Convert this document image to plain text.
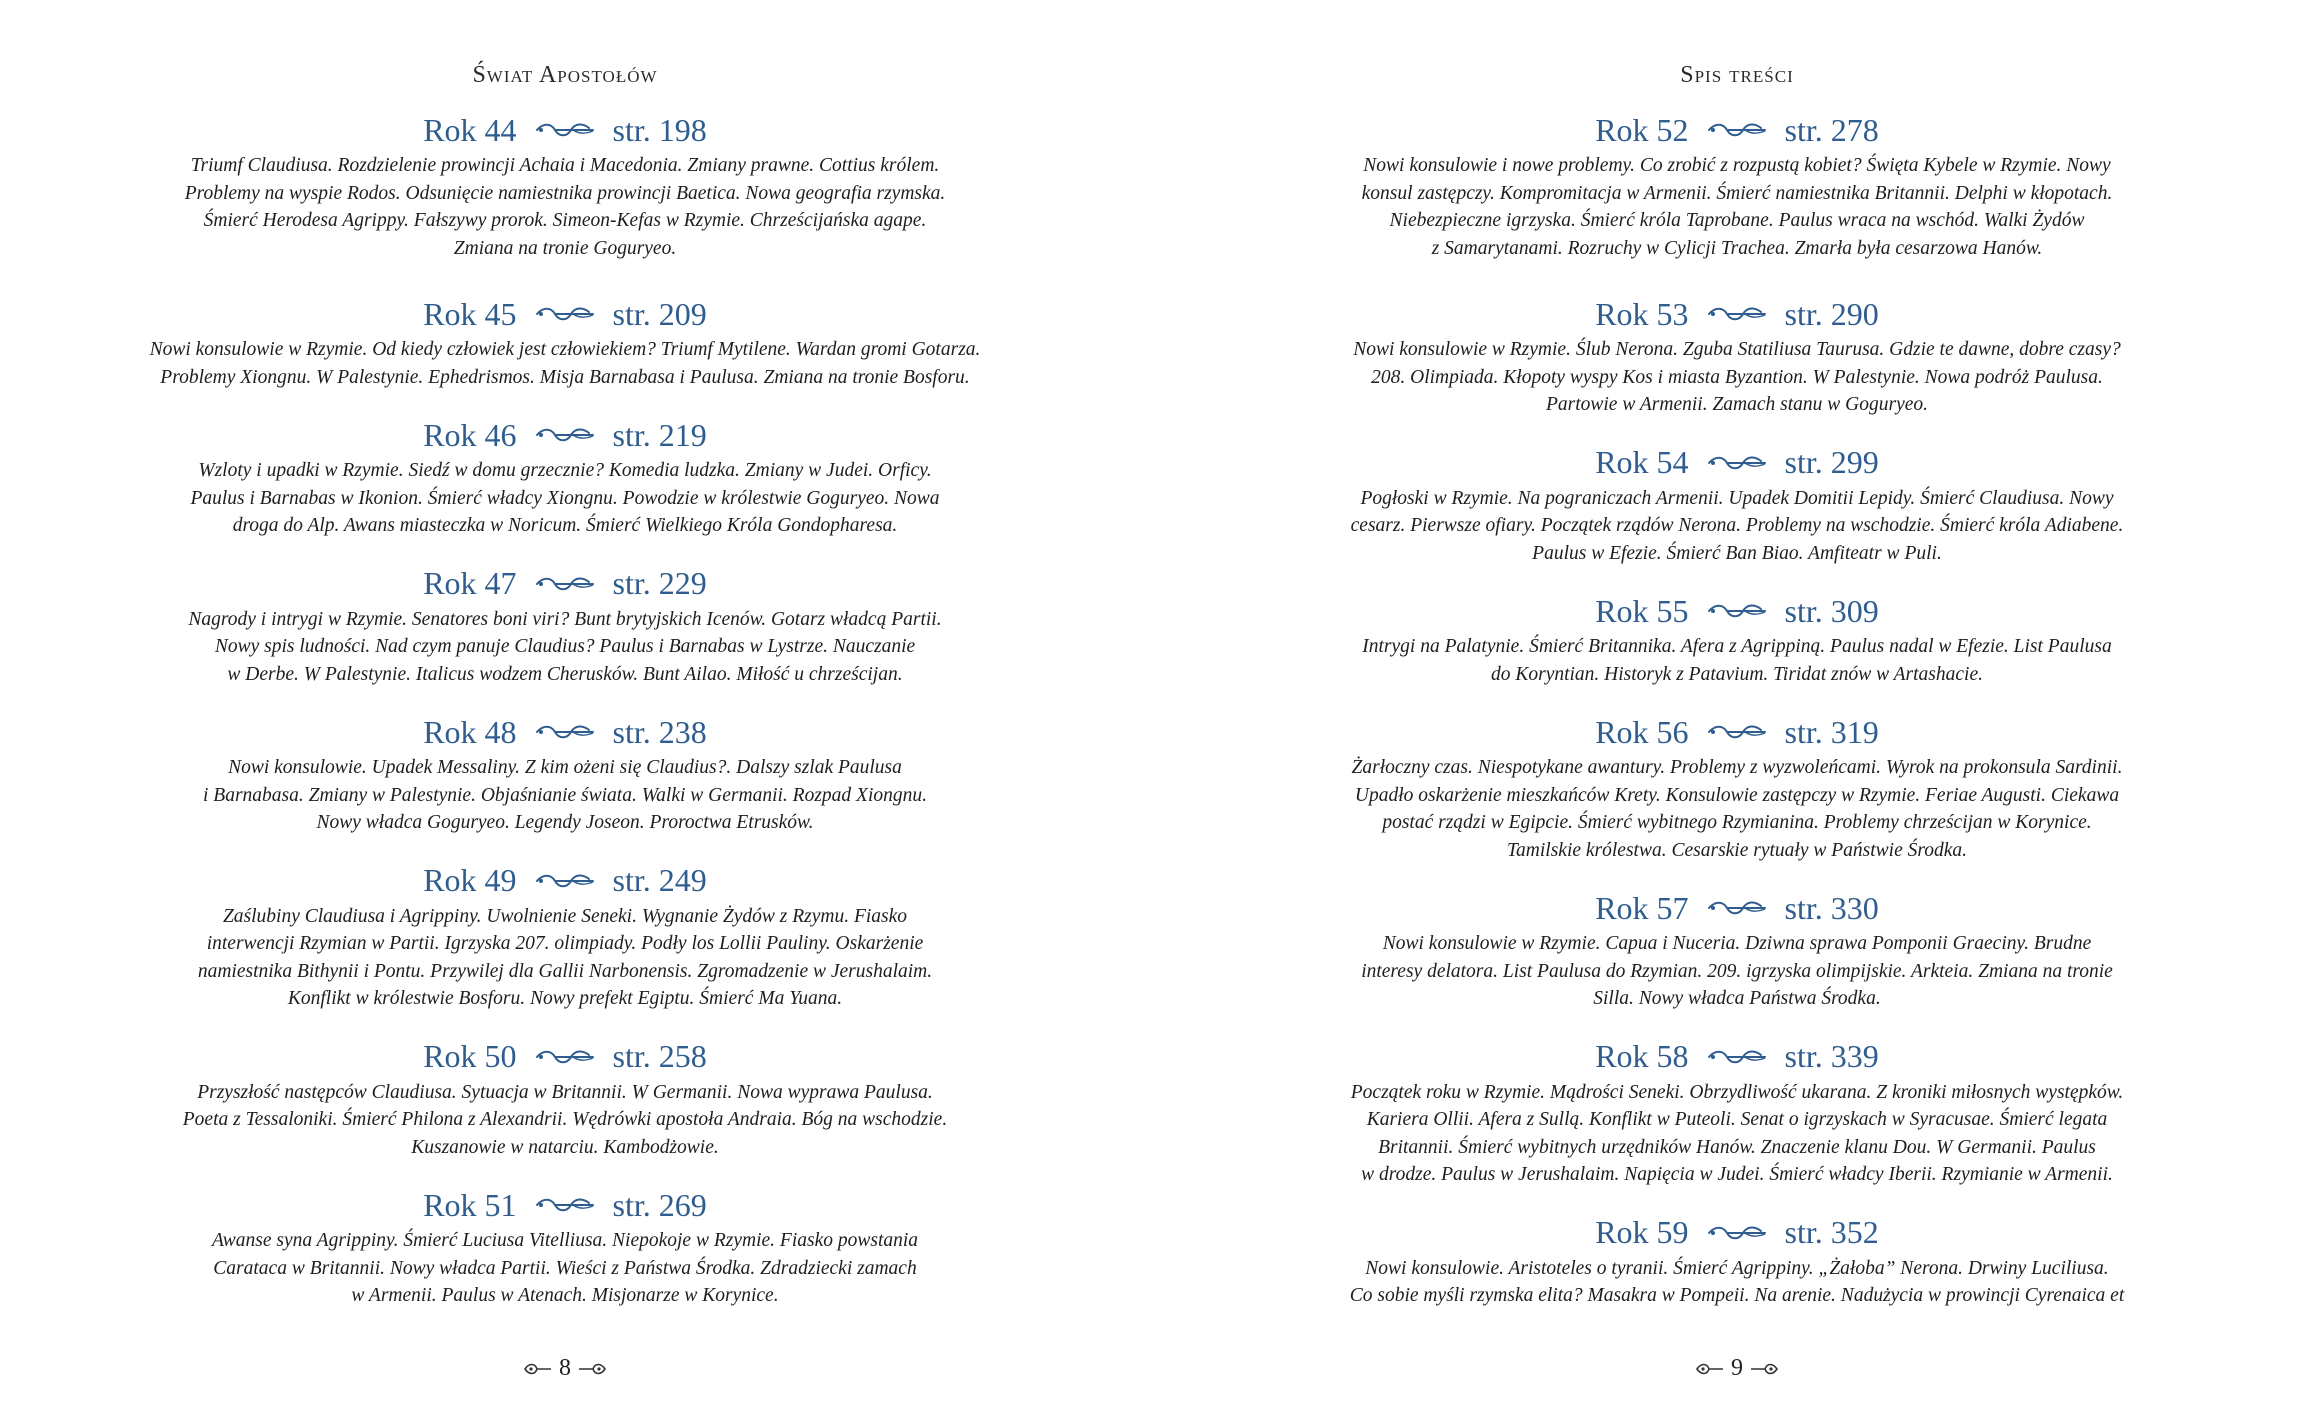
Świat Apostołów
Rok 44	str. 198
Triumf Claudiusa. Rozdzielenie prowincji Achaia i Macedonia. Zmiany prawne. Cottius królem.
Problemy na wyspie Rodos. Odsunięcie namiestnika prowincji Baetica. Nowa geografia rzymska.
Śmierć Herodesa Agrippy. Fałszywy prorok. Simeon-Kefas w Rzymie. Chrześcijańska agape.
Zmiana na tronie Goguryeo.
Rok 45	str. 209
Nowi konsulowie w Rzymie. Od kiedy człowiek jest człowiekiem? Triumf Mytilene. Wardan gromi Gotarza.
Problemy Xiongnu. W Palestynie. Ephedrismos. Misja Barnabasa i Paulusa. Zmiana na tronie Bosforu.
Rok 46	str. 219
Wzloty i upadki w Rzymie. Siedź w domu grzecznie? Komedia ludzka. Zmiany w Judei. Orficy.
Paulus i Barnabas w Ikonion. Śmierć władcy Xiongnu. Powodzie w królestwie Goguryeo. Nowa
droga do Alp. Awans miasteczka w Noricum. Śmierć Wielkiego Króla Gondopharesa.
Rok 47	str. 229
Nagrody i intrygi w Rzymie. Senatores boni viri? Bunt brytyjskich Icenów. Gotarz władcą Partii.
Nowy spis ludności. Nad czym panuje Claudius? Paulus i Barnabas w Lystrze. Nauczanie
w Derbe. W Palestynie. Italicus wodzem Cherusków. Bunt Ailao. Miłość u chrześcijan.
Rok 48	str. 238
Nowi konsulowie. Upadek Messaliny. Z kim ożeni się Claudius?. Dalszy szlak Paulusa
i Barnabasa. Zmiany w Palestynie. Objaśnianie świata. Walki w Germanii. Rozpad Xiongnu.
Nowy władca Goguryeo. Legendy Joseon. Proroctwa Etrusków.
Rok 49	str. 249
Zaślubiny Claudiusa i Agrippiny. Uwolnienie Seneki. Wygnanie Żydów z Rzymu. Fiasko
interwencji Rzymian w Partii. Igrzyska 207. olimpiady. Podły los Lollii Pauliny. Oskarżenie
namiestnika Bithynii i Pontu. Przywilej dla Gallii Narbonensis. Zgromadzenie w Jerushalaim.
Konflikt w królestwie Bosforu. Nowy prefekt Egiptu. Śmierć Ma Yuana.
Rok 50	str. 258
Przyszłość następców Claudiusa. Sytuacja w Britannii. W Germanii. Nowa wyprawa Paulusa.
Poeta z Tessaloniki. Śmierć Philona z Alexandrii. Wędrówki apostoła Andraia. Bóg na wschodzie.
Kuszanowie w natarciu. Kambodżowie.
Rok 51	str. 269
Awanse syna Agrippiny. Śmierć Luciusa Vitelliusa. Niepokoje w Rzymie. Fiasko powstania
Carataca w Britannii. Nowy władca Partii. Wieści z Państwa Środka. Zdradziecki zamach
w Armenii. Paulus w Atenach. Misjonarze w Korynice.
8
Spis treści
Rok 52	str. 278
Nowi konsulowie i nowe problemy. Co zrobić z rozpustą kobiet? Święta Kybele w Rzymie. Nowy
konsul zastępczy. Kompromitacja w Armenii. Śmierć namiestnika Britannii. Delphi w kłopotach.
Niebezpieczne igrzyska. Śmierć króla Taprobane. Paulus wraca na wschód. Walki Żydów
z Samarytanami. Rozruchy w Cylicji Trachea. Zmarła była cesarzowa Hanów.
Rok 53	str. 290
Nowi konsulowie w Rzymie. Ślub Nerona. Zguba Statiliusa Taurusa. Gdzie te dawne, dobre czasy?
208. Olimpiada. Kłopoty wyspy Kos i miasta Byzantion. W Palestynie. Nowa podróż Paulusa.
Partowie w Armenii. Zamach stanu w Goguryeo.
Rok 54	str. 299
Pogłoski w Rzymie. Na pograniczach Armenii. Upadek Domitii Lepidy. Śmierć Claudiusa. Nowy
cesarz. Pierwsze ofiary. Początek rządów Nerona. Problemy na wschodzie. Śmierć króla Adiabene.
Paulus w Efezie. Śmierć Ban Biao. Amfiteatr w Puli.
Rok 55	str. 309
Intrygi na Palatynie. Śmierć Britannika. Afera z Agrippiną. Paulus nadal w Efezie. List Paulusa
do Koryntian. Historyk z Patavium. Tiridat znów w Artashacie.
Rok 56	str. 319
Żarłoczny czas. Niespotykane awantury. Problemy z wyzwoleńcami. Wyrok na prokonsula Sardinii.
Upadło oskarżenie mieszkańców Krety. Konsulowie zastępczy w Rzymie. Feriae Augusti. Ciekawa
postać rządzi w Egipcie. Śmierć wybitnego Rzymianina. Problemy chrześcijan w Korynice.
Tamilskie królestwa. Cesarskie rytuały w Państwie Środka.
Rok 57	str. 330
Nowi konsulowie w Rzymie. Capua i Nuceria. Dziwna sprawa Pomponii Graeciny. Brudne
interesy delatora. List Paulusa do Rzymian. 209. igrzyska olimpijskie. Arkteia. Zmiana na tronie
Silla. Nowy władca Państwa Środka.
Rok 58	str. 339
Początek roku w Rzymie. Mądrości Seneki. Obrzydliwość ukarana. Z kroniki miłosnych występków.
Kariera Ollii. Afera z Sullą. Konflikt w Puteoli. Senat o igrzyskach w Syracusae. Śmierć legata
Britannii. Śmierć wybitnych urzędników Hanów. Znaczenie klanu Dou. W Germanii. Paulus
w drodze. Paulus w Jerushalaim. Napięcia w Judei. Śmierć władcy Iberii. Rzymianie w Armenii.
Rok 59	str. 352
Nowi konsulowie. Aristoteles o tyranii. Śmierć Agrippiny. „Żałoba” Nerona. Drwiny Luciliusa.
Co sobie myśli rzymska elita? Masakra w Pompeii. Na arenie. Nadużycia w prowincji Cyrenaica et
9
